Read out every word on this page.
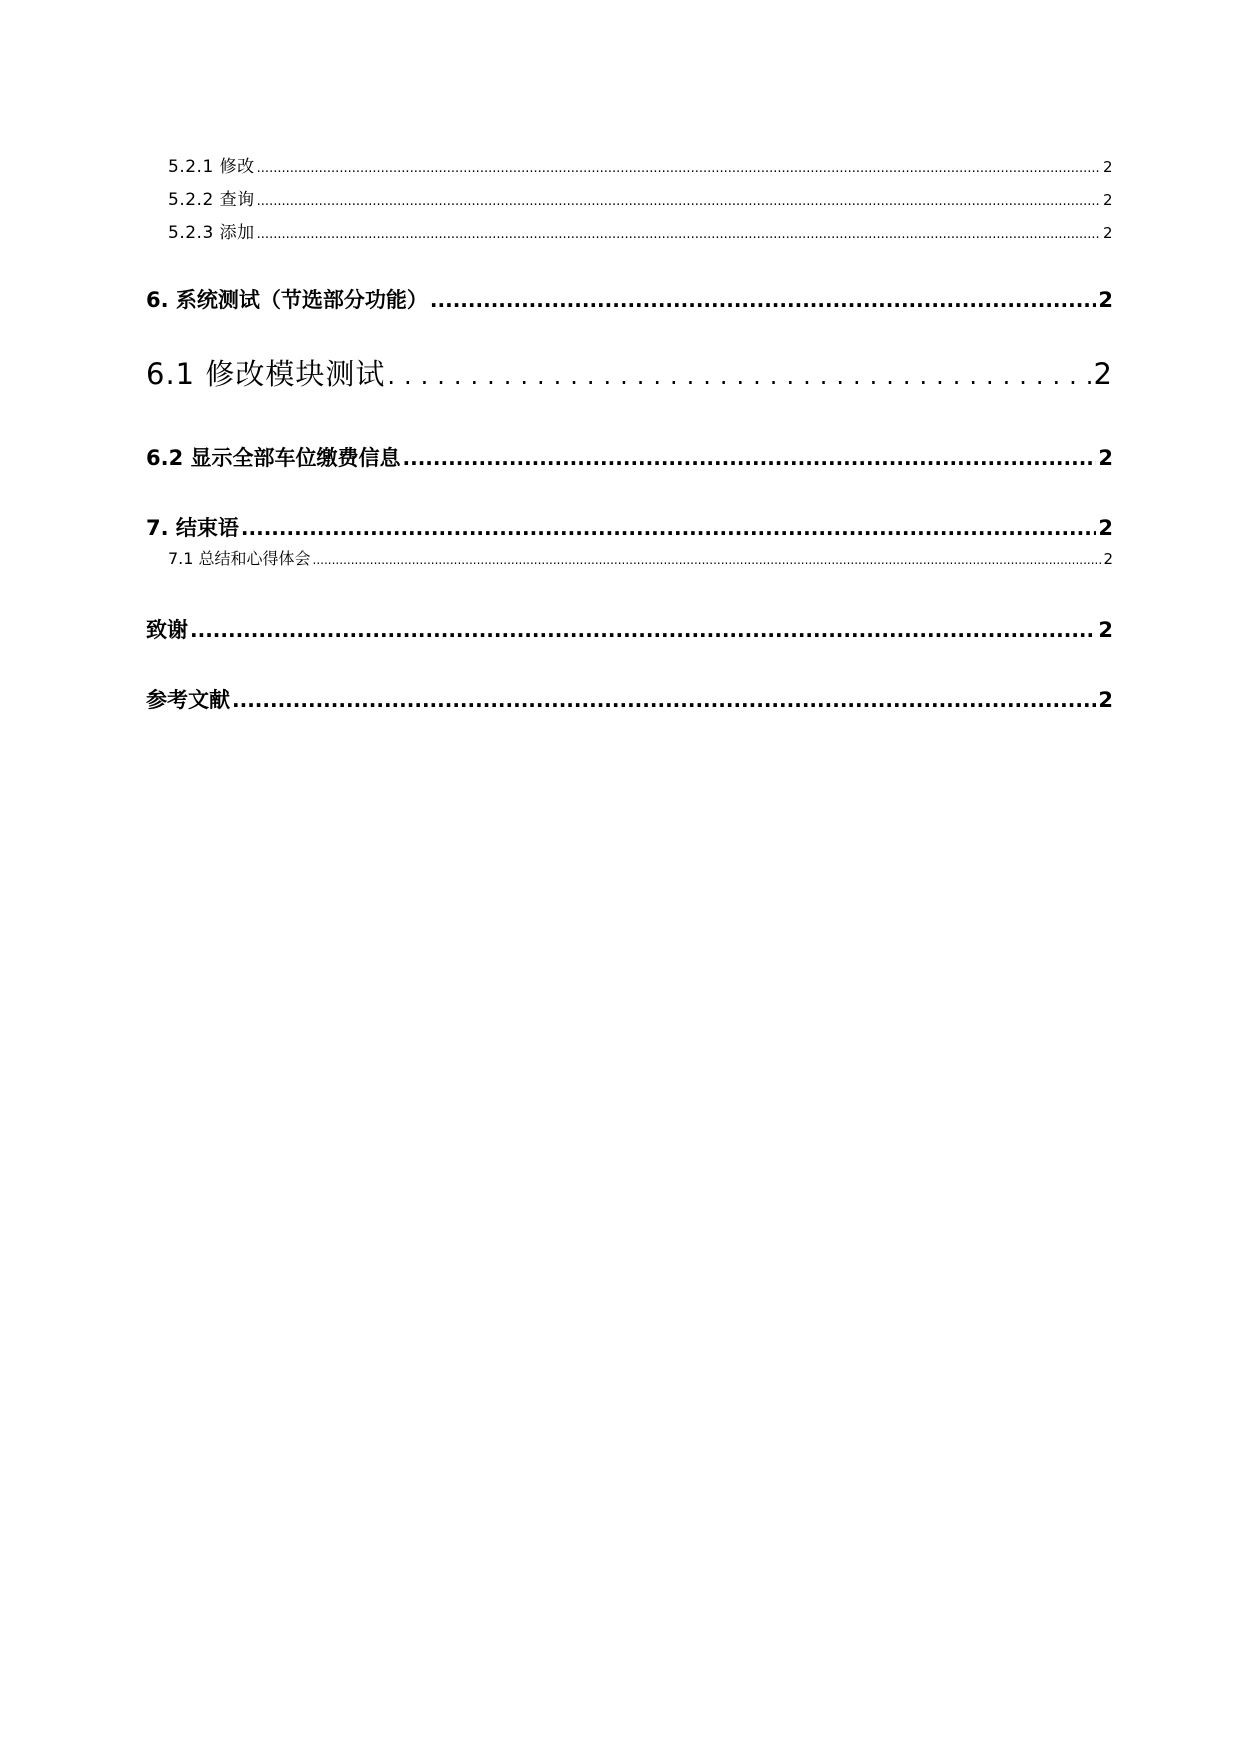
5.2.1 修改 .....	2
5.2.2 查询 .....	2
5.2.3 添加 .....	2
6. 系统测试（节选部分功能） .....	2
6.1 修改模块测试 .....	2
6.2 显示全部车位缴费信息 .....	2
7. 结束语 .....	2
7.1 总结和心得体会 .....	2
致谢 .....	2
参考文献 .....	2
